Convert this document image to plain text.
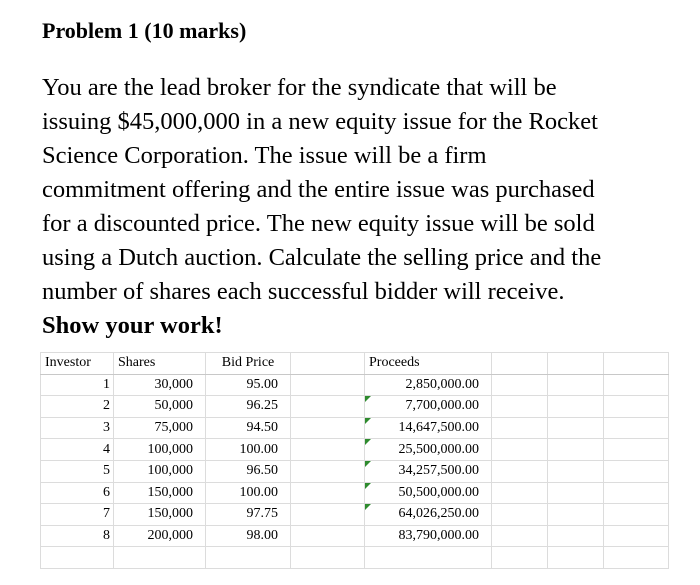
Problem 1 (10 marks)

You are the lead broker for the syndicate that will be
issuing $45,000,000 in a new equity issue for the Rocket
Science Corporation. The issue will be a firm
commitment offering and the entire issue was purchased
for a discounted price. The new equity issue will be sold
using a Dutch auction. Calculate the selling price and the
number of shares each successful bidder will receive.
Show your work!

Investor	Shares	Bid Price		Proceeds			
1	30,000	95.00		2,850,000.00			
2	50,000	96.25		7,700,000.00			
3	75,000	94.50		14,647,500.00			
4	100,000	100.00		25,500,000.00			
5	100,000	96.50		34,257,500.00			
6	150,000	100.00		50,500,000.00			
7	150,000	97.75		64,026,250.00			
8	200,000	98.00		83,790,000.00			
